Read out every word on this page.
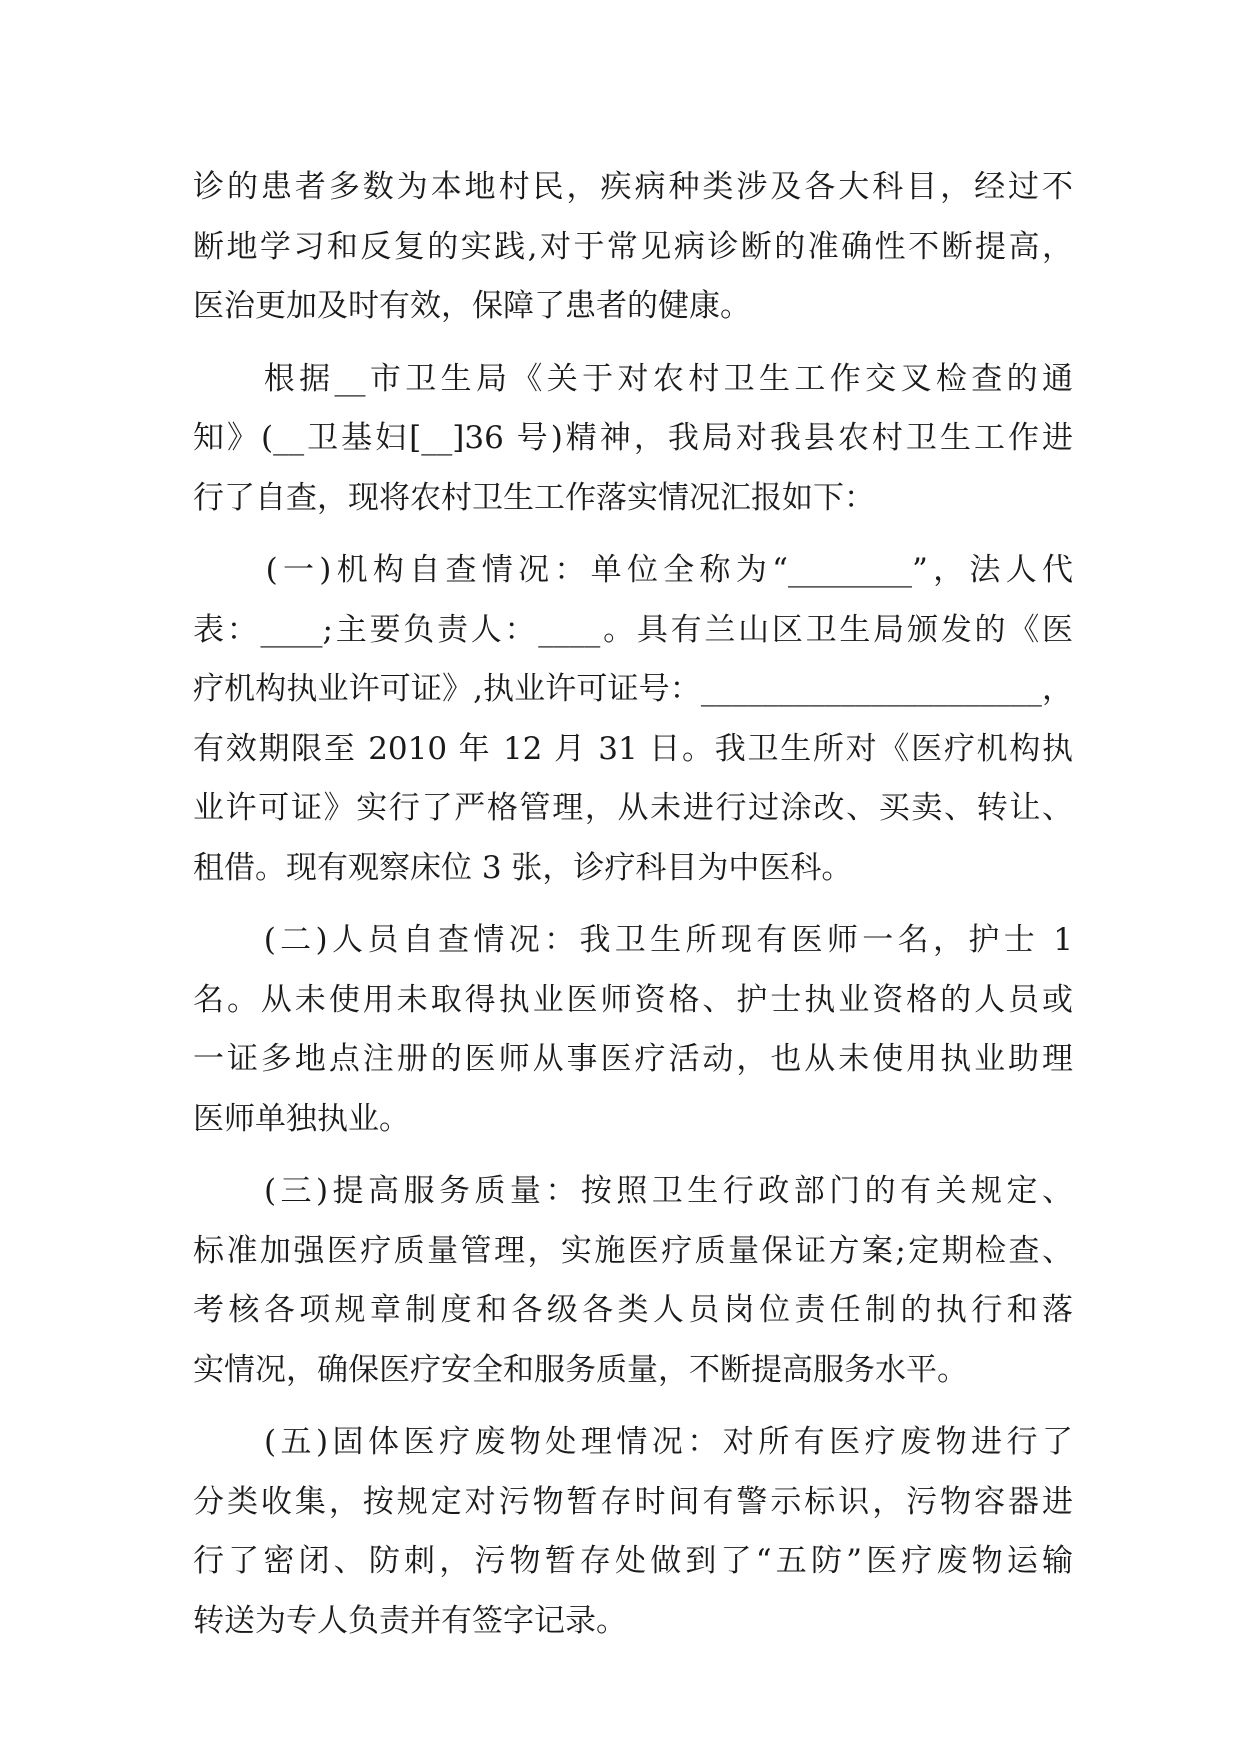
诊的患者多数为本地村民，疾病种类涉及各大科目，经过不
断地学习和反复的实践,对于常见病诊断的准确性不断提高，
医治更加及时有效，保障了患者的健康。
　　根据__市卫生局《关于对农村卫生工作交叉检查的通
知》(__卫基妇[__]36 号)精神，我局对我县农村卫生工作进
行了自查，现将农村卫生工作落实情况汇报如下：
　　(一)机构自查情况：单位全称为“________”，法人代
表：____;主要负责人：____。具有兰山区卫生局颁发的《医
疗机构执业许可证》,执业许可证号：______________________，
有效期限至 2010 年 12 月 31 日。我卫生所对《医疗机构执
业许可证》实行了严格管理，从未进行过涂改、买卖、转让、
租借。现有观察床位 3 张，诊疗科目为中医科。
　　(二)人员自查情况：我卫生所现有医师一名，护士 1
名。从未使用未取得执业医师资格、护士执业资格的人员或
一证多地点注册的医师从事医疗活动，也从未使用执业助理
医师单独执业。
　　(三)提高服务质量：按照卫生行政部门的有关规定、
标准加强医疗质量管理，实施医疗质量保证方案;定期检查、
考核各项规章制度和各级各类人员岗位责任制的执行和落
实情况，确保医疗安全和服务质量，不断提高服务水平。
　　(五)固体医疗废物处理情况：对所有医疗废物进行了
分类收集，按规定对污物暂存时间有警示标识，污物容器进
行了密闭、防刺，污物暂存处做到了“五防”医疗废物运输
转送为专人负责并有签字记录。
